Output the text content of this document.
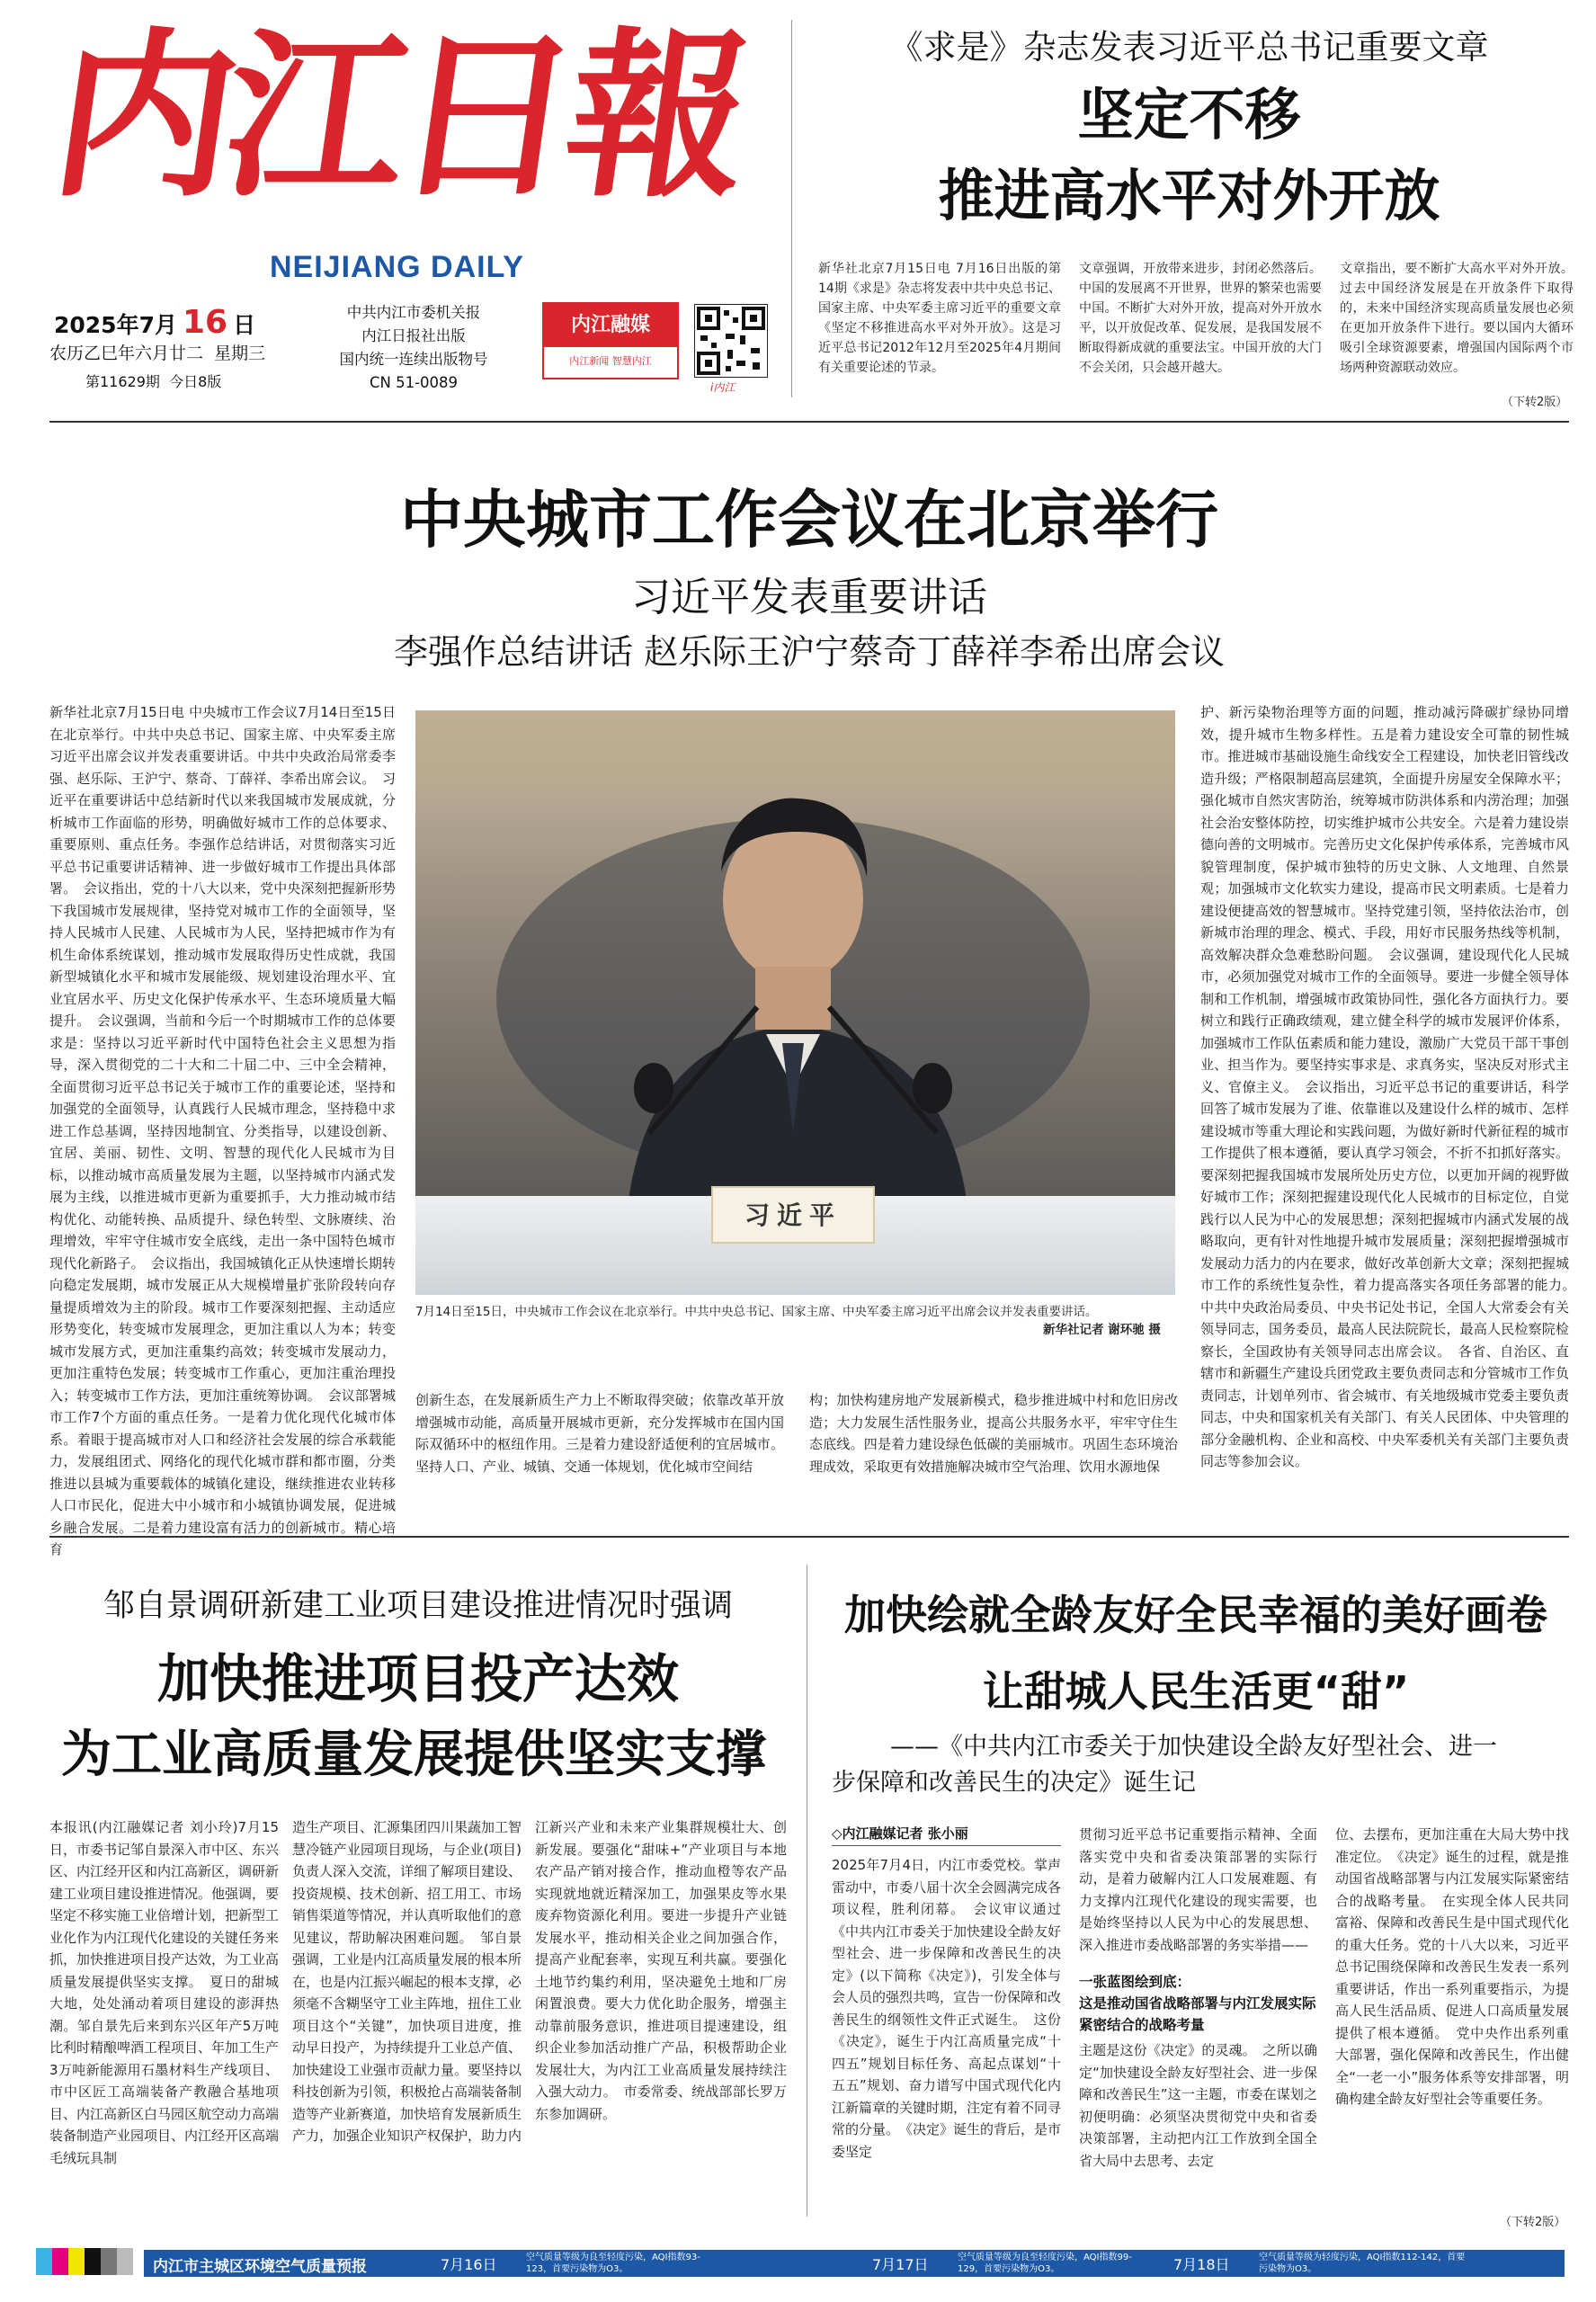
内江日報
NEIJIANG DAILY
2025年7月 16 日
农历乙巳年六月廿二 星期三
第11629期 今日8版
中共内江市委机关报
内江日报社出版
国内统一连续出版物号
CN 51-0089
内江融媒
内江新闻 智慧内江
i内江
《求是》杂志发表习近平总书记重要文章
坚定不移
推进高水平对外开放
新华社北京7月15日电 7月16日出版的第14期《求是》杂志将发表中共中央总书记、国家主席、中央军委主席习近平的重要文章《坚定不移推进高水平对外开放》。这是习近平总书记2012年12月至2025年4月期间有关重要论述的节录。
文章强调，开放带来进步，封闭必然落后。中国的发展离不开世界，世界的繁荣也需要中国。不断扩大对外开放，提高对外开放水平，以开放促改革、促发展，是我国发展不断取得新成就的重要法宝。中国开放的大门不会关闭，只会越开越大。
文章指出，要不断扩大高水平对外开放。过去中国经济发展是在开放条件下取得的，未来中国经济实现高质量发展也必须在更加开放条件下进行。要以国内大循环吸引全球资源要素，增强国内国际两个市场两种资源联动效应。
（下转2版）
中央城市工作会议在北京举行
习近平发表重要讲话
李强作总结讲话 赵乐际王沪宁蔡奇丁薛祥李希出席会议
新华社北京7月15日电 中央城市工作会议7月14日至15日在北京举行。中共中央总书记、国家主席、中央军委主席习近平出席会议并发表重要讲话。中共中央政治局常委李强、赵乐际、王沪宁、蔡奇、丁薛祥、李希出席会议。　习近平在重要讲话中总结新时代以来我国城市发展成就，分析城市工作面临的形势，明确做好城市工作的总体要求、重要原则、重点任务。李强作总结讲话，对贯彻落实习近平总书记重要讲话精神、进一步做好城市工作提出具体部署。　会议指出，党的十八大以来，党中央深刻把握新形势下我国城市发展规律，坚持党对城市工作的全面领导，坚持人民城市人民建、人民城市为人民，坚持把城市作为有机生命体系统谋划，推动城市发展取得历史性成就，我国新型城镇化水平和城市发展能级、规划建设治理水平、宜业宜居水平、历史文化保护传承水平、生态环境质量大幅提升。　会议强调，当前和今后一个时期城市工作的总体要求是：坚持以习近平新时代中国特色社会主义思想为指导，深入贯彻党的二十大和二十届二中、三中全会精神，全面贯彻习近平总书记关于城市工作的重要论述，坚持和加强党的全面领导，认真践行人民城市理念，坚持稳中求进工作总基调，坚持因地制宜、分类指导，以建设创新、宜居、美丽、韧性、文明、智慧的现代化人民城市为目标，以推动城市高质量发展为主题，以坚持城市内涵式发展为主线，以推进城市更新为重要抓手，大力推动城市结构优化、动能转换、品质提升、绿色转型、文脉赓续、治理增效，牢牢守住城市安全底线，走出一条中国特色城市现代化新路子。　会议指出，我国城镇化正从快速增长期转向稳定发展期，城市发展正从大规模增量扩张阶段转向存量提质增效为主的阶段。城市工作要深刻把握、主动适应形势变化，转变城市发展理念，更加注重以人为本；转变城市发展方式，更加注重集约高效；转变城市发展动力，更加注重特色发展；转变城市工作重心，更加注重治理投入；转变城市工作方法，更加注重统筹协调。　会议部署城市工作7个方面的重点任务。一是着力优化现代化城市体系。着眼于提高城市对人口和经济社会发展的综合承载能力，发展组团式、网络化的现代化城市群和都市圈，分类推进以县城为重要载体的城镇化建设，继续推进农业转移人口市民化，促进大中小城市和小城镇协调发展，促进城乡融合发展。二是着力建设富有活力的创新城市。精心培育
习近平
7月14日至15日，中央城市工作会议在北京举行。中共中央总书记、国家主席、中央军委主席习近平出席会议并发表重要讲话。
新华社记者 谢环驰 摄
创新生态，在发展新质生产力上不断取得突破；依靠改革开放增强城市动能，高质量开展城市更新，充分发挥城市在国内国际双循环中的枢纽作用。三是着力建设舒适便利的宜居城市。坚持人口、产业、城镇、交通一体规划，优化城市空间结
构；加快构建房地产发展新模式，稳步推进城中村和危旧房改造；大力发展生活性服务业，提高公共服务水平，牢牢守住生态底线。四是着力建设绿色低碳的美丽城市。巩固生态环境治理成效，采取更有效措施解决城市空气治理、饮用水源地保
护、新污染物治理等方面的问题，推动减污降碳扩绿协同增效，提升城市生物多样性。五是着力建设安全可靠的韧性城市。推进城市基础设施生命线安全工程建设，加快老旧管线改造升级；严格限制超高层建筑，全面提升房屋安全保障水平；强化城市自然灾害防治，统筹城市防洪体系和内涝治理；加强社会治安整体防控，切实维护城市公共安全。六是着力建设崇德向善的文明城市。完善历史文化保护传承体系，完善城市风貌管理制度，保护城市独特的历史文脉、人文地理、自然景观；加强城市文化软实力建设，提高市民文明素质。七是着力建设便捷高效的智慧城市。坚持党建引领，坚持依法治市，创新城市治理的理念、模式、手段，用好市民服务热线等机制，高效解决群众急难愁盼问题。　会议强调，建设现代化人民城市，必须加强党对城市工作的全面领导。要进一步健全领导体制和工作机制，增强城市政策协同性，强化各方面执行力。要树立和践行正确政绩观，建立健全科学的城市发展评价体系，加强城市工作队伍素质和能力建设，激励广大党员干部干事创业、担当作为。要坚持实事求是、求真务实，坚决反对形式主义、官僚主义。　会议指出，习近平总书记的重要讲话，科学回答了城市发展为了谁、依靠谁以及建设什么样的城市、怎样建设城市等重大理论和实践问题，为做好新时代新征程的城市工作提供了根本遵循，要认真学习领会，不折不扣抓好落实。要深刻把握我国城市发展所处历史方位，以更加开阔的视野做好城市工作；深刻把握建设现代化人民城市的目标定位，自觉践行以人民为中心的发展思想；深刻把握城市内涵式发展的战略取向，更有针对性地提升城市发展质量；深刻把握增强城市发展动力活力的内在要求，做好改革创新大文章；深刻把握城市工作的系统性复杂性，着力提高落实各项任务部署的能力。　中共中央政治局委员、中央书记处书记，全国人大常委会有关领导同志，国务委员，最高人民法院院长，最高人民检察院检察长，全国政协有关领导同志出席会议。　各省、自治区、直辖市和新疆生产建设兵团党政主要负责同志和分管城市工作负责同志，计划单列市、省会城市、有关地级城市党委主要负责同志，中央和国家机关有关部门、有关人民团体、中央管理的部分金融机构、企业和高校、中央军委机关有关部门主要负责同志等参加会议。
邹自景调研新建工业项目建设推进情况时强调
加快推进项目投产达效
为工业高质量发展提供坚实支撑
本报讯(内江融媒记者 刘小玲)7月15日，市委书记邹自景深入市中区、东兴区、内江经开区和内江高新区，调研新建工业项目建设推进情况。他强调，要坚定不移实施工业倍增计划，把新型工业化作为内江现代化建设的关键任务来抓，加快推进项目投产达效，为工业高质量发展提供坚实支撑。　夏日的甜城大地，处处涌动着项目建设的澎湃热潮。邹自景先后来到东兴区年产5万吨比利时精酿啤酒工程项目、年加工生产3万吨新能源用石墨材料生产线项目、市中区匠工高端装备产教融合基地项目、内江高新区白马园区航空动力高端装备制造产业园项目、内江经开区高端毛绒玩具制
造生产项目、汇源集团四川果蔬加工智慧冷链产业园项目现场，与企业(项目)负责人深入交流，详细了解项目建设、投资规模、技术创新、招工用工、市场销售渠道等情况，并认真听取他们的意见建议，帮助解决困难问题。　邹自景强调，工业是内江高质量发展的根本所在，也是内江振兴崛起的根本支撑，必须毫不含糊坚守工业主阵地，扭住工业项目这个“关键”，加快项目进度，推动早日投产，为持续提升工业总产值、加快建设工业强市贡献力量。要坚持以科技创新为引领，积极抢占高端装备制造等产业新赛道，加快培育发展新质生产力，加强企业知识产权保护，助力内
江新兴产业和未来产业集群规模壮大、创新发展。要强化“甜味+”产业项目与本地农产品产销对接合作，推动血橙等农产品实现就地就近精深加工，加强果皮等水果废弃物资源化利用。要进一步提升产业链发展水平，推动相关企业之间加强合作，提高产业配套率，实现互利共赢。要强化土地节约集约利用，坚决避免土地和厂房闲置浪费。要大力优化助企服务，增强主动靠前服务意识，推进项目提速建设，组织企业参加活动推广产品，积极帮助企业发展壮大，为内江工业高质量发展持续注入强大动力。　市委常委、统战部部长罗万东参加调研。
加快绘就全龄友好全民幸福的美好画卷
让甜城人民生活更“甜”
——《中共内江市委关于加快建设全龄友好型社会、进一
步保障和改善民生的决定》诞生记
◇内江融媒记者 张小丽
2025年7月4日，内江市委党校。掌声雷动中，市委八届十次全会圆满完成各项议程，胜利闭幕。　会议审议通过《中共内江市委关于加快建设全龄友好型社会、进一步保障和改善民生的决定》(以下简称《决定》)，引发全体与会人员的强烈共鸣，宣告一份保障和改善民生的纲领性文件正式诞生。　这份《决定》，诞生于内江高质量完成“十四五”规划目标任务、高起点谋划“十五五”规划、奋力谱写中国式现代化内江新篇章的关键时期，注定有着不同寻常的分量。　《决定》诞生的背后，是市委坚定
贯彻习近平总书记重要指示精神、全面落实党中央和省委决策部署的实际行动，是着力破解内江人口发展难题、有力支撑内江现代化建设的现实需要，也是始终坚持以人民为中心的发展思想、深入推进市委战略部署的务实举措——
一张蓝图绘到底：
这是推动国省战略部署与内江发展实际紧密结合的战略考量
主题是这份《决定》的灵魂。　之所以确定“加快建设全龄友好型社会、进一步保障和改善民生”这一主题，市委在谋划之初便明确：必须坚决贯彻党中央和省委决策部署，主动把内江工作放到全国全省大局中去思考、去定
位、去摆布，更加注重在大局大势中找准定位。　《决定》诞生的过程，就是推动国省战略部署与内江发展实际紧密结合的战略考量。　在实现全体人民共同富裕、保障和改善民生是中国式现代化的重大任务。党的十八大以来，习近平总书记围绕保障和改善民生发表一系列重要讲话，作出一系列重要指示，为提高人民生活品质、促进人口高质量发展提供了根本遵循。　党中央作出系列重大部署，强化保障和改善民生，作出健全“一老一小”服务体系等安排部署，明确构建全龄友好型社会等重要任务。
（下转2版）
内江市主城区环境空气质量预报	7月16日	空气质量等级为良至轻度污染，AQI指数93-123，首要污染物为O3。	7月17日	空气质量等级为良至轻度污染，AQI指数99-129，首要污染物为O3。	7月18日	空气质量等级为轻度污染，AQI指数112-142，首要污染物为O3。
